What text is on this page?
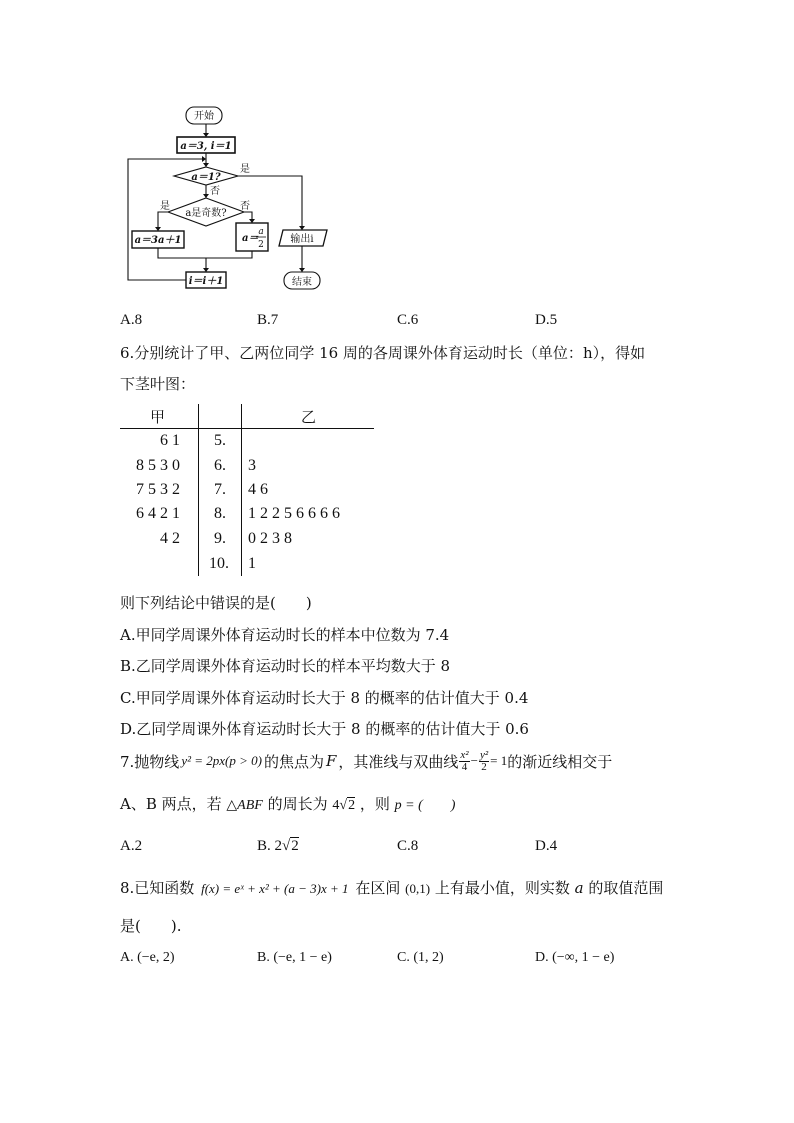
开始
a＝3, i＝1
a＝1?
是
否
a是奇数?
是	否
a＝3a＋1	a＝
a
2
i＝i＋1
输出i
结束
A.8	B.7	C.6	D.5
6.分别统计了甲、乙两位同学 16 周的各周课外体育运动时长（单位：h），得如
下茎叶图：
甲	乙
6 1 5.
8 5 3 0 6. 3
7 5 3 2 7. 4 6
6 4 2 1 8. 1 2 2 5 6 6 6 6
4 2 9. 0 2 3 8
10. 1
则下列结论中错误的是(　　)
A.甲同学周课外体育运动时长的样本中位数为 7.4
B.乙同学周课外体育运动时长的样本平均数大于 8
C.甲同学周课外体育运动时长大于 8 的概率的估计值大于 0.4
D.乙同学周课外体育运动时长大于 8 的概率的估计值大于 0.6
7.抛物线 y² = 2px(p > 0) 的焦点为 F ，其准线与双曲线 $\frac{\text{x²}}{4} - \frac{\text{y²}}{2} = 1$ 的渐近线相交于
A、B 两点，若 △ABF 的周长为 4√2 ，则 p = (　　)
A.2	B. 2√2	C.8	D.4
8.已知函数 f(x) = eˣ + x² + (a − 3)x + 1 在区间 (0,1) 上有最小值，则实数 a 的取值范围
是(　　).
A. (−e, 2)	B. (−e, 1 − e)	C. (1, 2)	D. (−∞, 1 − e)
